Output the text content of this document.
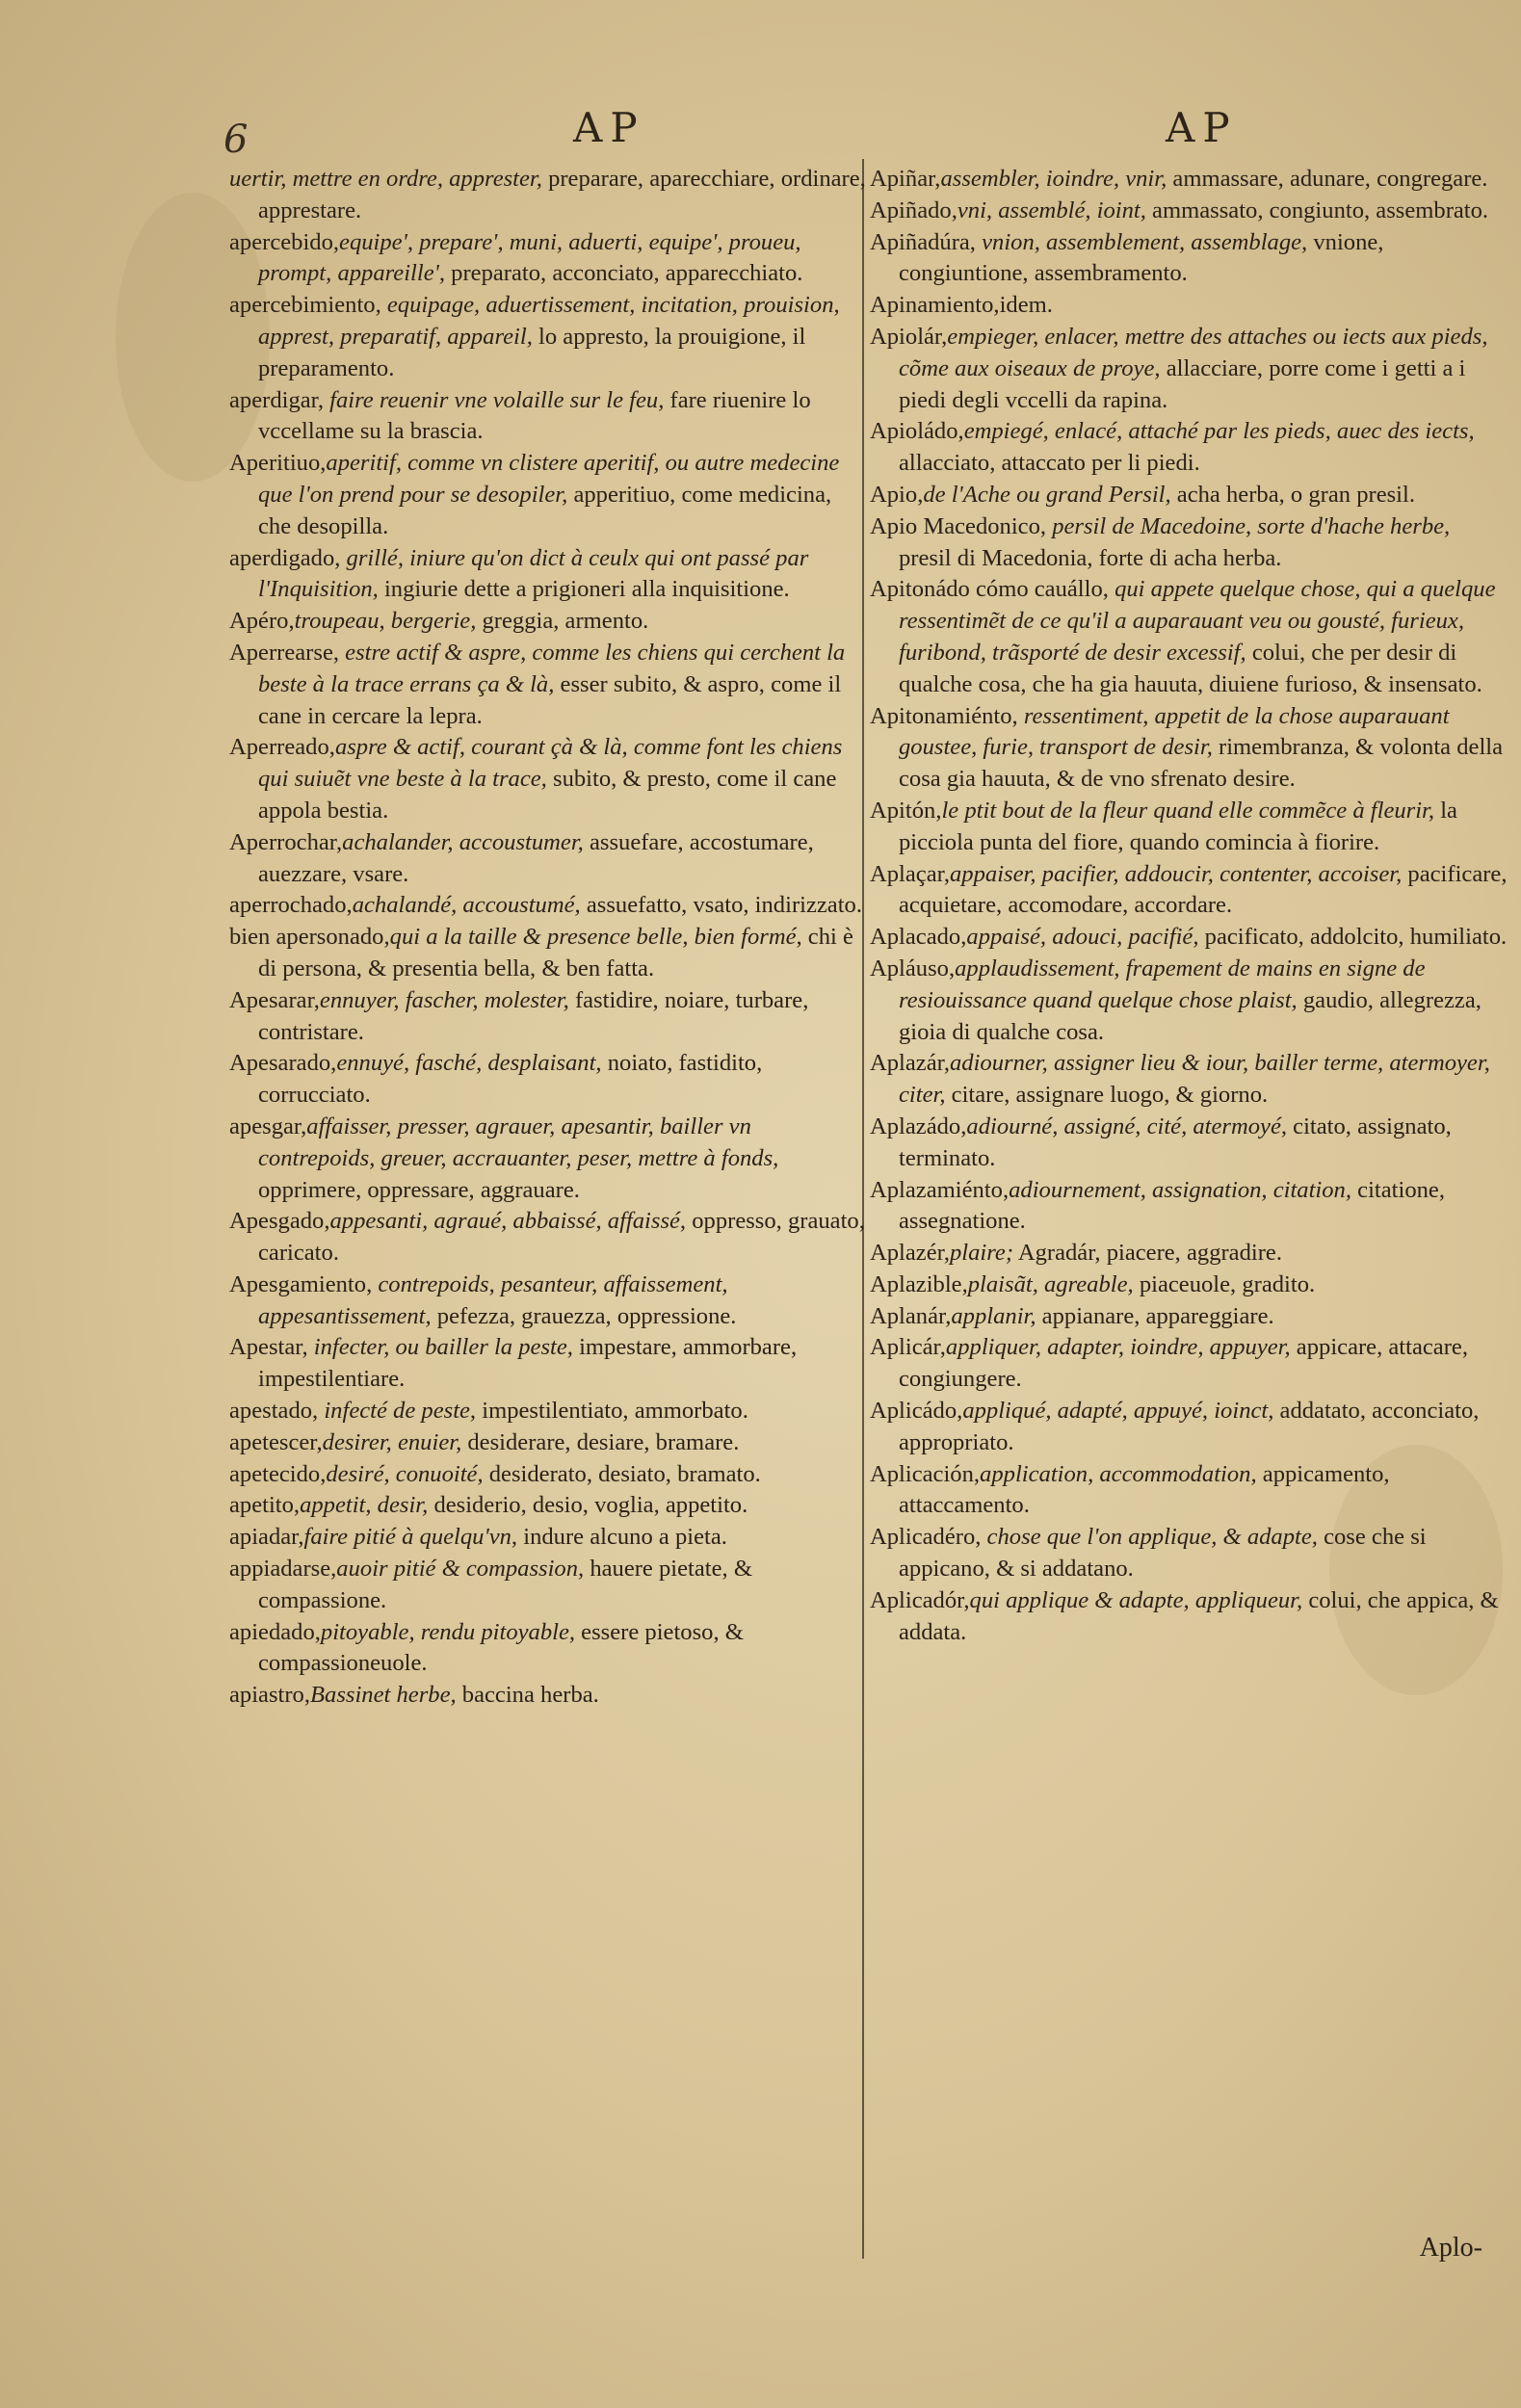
6	AP	AP
uertir, mettre en ordre, apprester, preparare, aparecchiare, ordinare, apprestare.
apercebido,equipe', prepare', muni, aduerti, equipe', proueu, prompt, appareille', preparato, acconciato, apparecchiato.
apercebimiento, equipage, aduertissement, incitation, prouision, apprest, preparatif, appareil, lo apprestо, la prouigione, il preparamento.
aperdigar, faire reuenir vne volaille sur le feu, fare riuenire lo vccellame su la brascia.
Aperitiuo,aperitif, comme vn clistere aperitif, ou autre medecine que l'on prend pour se desopiler, apperitiuo, come medicina, che desopilla.
aperdigado, grillé, iniure qu'on dict à ceulx qui ont passé par l'Inquisition, ingiurie dette a prigioneri alla inquisitione.
Apéro,troupeau, bergerie, greggia, armento.
Aperrearse, estre actif & aspre, comme les chiens qui cerchent la beste à la trace errans ça & là, esser subito, & aspro, come il cane in cercare la lepra.
Aperreado,aspre & actif, courant çà & là, comme font les chiens qui suiuẽt vne beste à la trace, subito, & presto, come il cane appola bestia.
Aperrochar,achalander, accoustumer, assuefare, accostumare, auezzare, vsare.
aperrochado,achalandé, accoustumé, assuefatto, vsato, indirizzato.
bien apersonado,qui a la taille & presence belle, bien formé, chi è di persona, & presentia bella, & ben fatta.
Apesarar,ennuyer, fascher, molester, fastidire, noiare, turbare, contristare.
Apesarado,ennuyé, fasché, desplaisant, noiato, fastidito, corrucciato.
apesgar,affaisser, presser, agrauer, apesantir, bailler vn contrepoids, greuer, accrauanter, peser, mettre à fonds, opprimere, oppressare, aggrauare.
Apesgado,appesanti, agraué, abbaissé, affaissé, oppresso, grauato, caricato.
Apesgamiento, contrepoids, pesanteur, affaissement, appesantissement, pefezza, grauezza, oppressione.
Apestar, infecter, ou bailler la peste, impestare, ammorbare, impestilentiare.
apestado, infecté de peste, impestilentiato, ammorbato.
apetescer,desirer, enuier, desiderare, desiare, bramare.
apetecido,desiré, conuoité, desiderato, desiato, bramato.
apetito,appetit, desir, desiderio, desio, voglia, appetito.
apiadar,faire pitié à quelqu'vn, indure alcuno a pieta.
appiadarse,auoir pitié & compassion, hauere pietate, & compassione.
apiedado,pitoyable, rendu pitoyable, essere pietoso, & compassioneuole.
apiastro,Bassinet herbe, baccina herba.
Apiñar,assembler, ioindre, vnir, ammassare, adunare, congregare.
Apiñado,vni, assemblé, ioint, ammassato, congiunto, assembrato.
Apiñadúra, vnion, assemblement, assemblage, vnione, congiuntione, assembramento.
Apinamiento,idem.
Apiolár,empieger, enlacer, mettre des attaches ou iects aux pieds, cõme aux oiseaux de proye, allacciare, porre come i getti a i piedi degli vccelli da rapina.
Apioládo,empiegé, enlacé, attaché par les pieds, auec des iects, allacciato, attaccato per li piedi.
Apio,de l'Ache ou grand Persil, acha herba, o gran presil.
Apio Macedonico, persil de Macedoine, sorte d'hache herbe, presil di Macedonia, forte di acha herba.
Apitonádo cómo cauállo, qui appete quelque chose, qui a quelque ressentimẽt de ce qu'il a auparauant veu ou gousté, furieux, furibond, trãsporté de desir excessif, colui, che per desir di qualche cosa, che ha gia hauuta, diuiene furioso, & insensato.
Apitonamiénto, ressentiment, appetit de la chose auparauant goustee, furie, transport de desir, rimembranza, & volonta della cosa gia hauuta, & de vno sfrenato desire.
Apitón,le ptit bout de la fleur quand elle commẽce à fleurir, la picciola punta del fiore, quando comincia à fiorire.
Aplaçar,appaiser, pacifier, addoucir, contenter, accoiser, pacificare, acquietare, accomodare, accordare.
Aplacado,appaisé, adouci, pacifié, pacificato, addolcito, humiliato.
Apláuso,applaudissement, frapement de mains en signe de resiouissance quand quelque chose plaist, gaudio, allegrezza, gioia di qualche cosa.
Aplazár,adiourner, assigner lieu & iour, bailler terme, atermoyer, citer, citare, assignare luogo, & giorno.
Aplazádo,adiourné, assigné, cité, atermoyé, citato, assignato, terminato.
Aplazamiénto,adiournement, assignation, citation, citatione, assegnatione.
Aplazér,plaire; Agradár, piacere, aggradire.
Aplazible,plaisãt, agreable, piaceuole, gradito.
Aplanár,applanir, appianare, appareggiare.
Aplicár,appliquer, adapter, ioindre, appuyer, appicare, attacare, congiungere.
Aplicádo,appliqué, adapté, appuyé, ioinct, addatato, acconciato, appropriato.
Aplicación,application, accommodation, appicamento, attaccamento.
Aplicadéro, chose que l'on applique, & adapte, cose che si appicano, & si addatano.
Aplicadór,qui applique & adapte, appliqueur, colui, che appica, & addata.
Aplo-
